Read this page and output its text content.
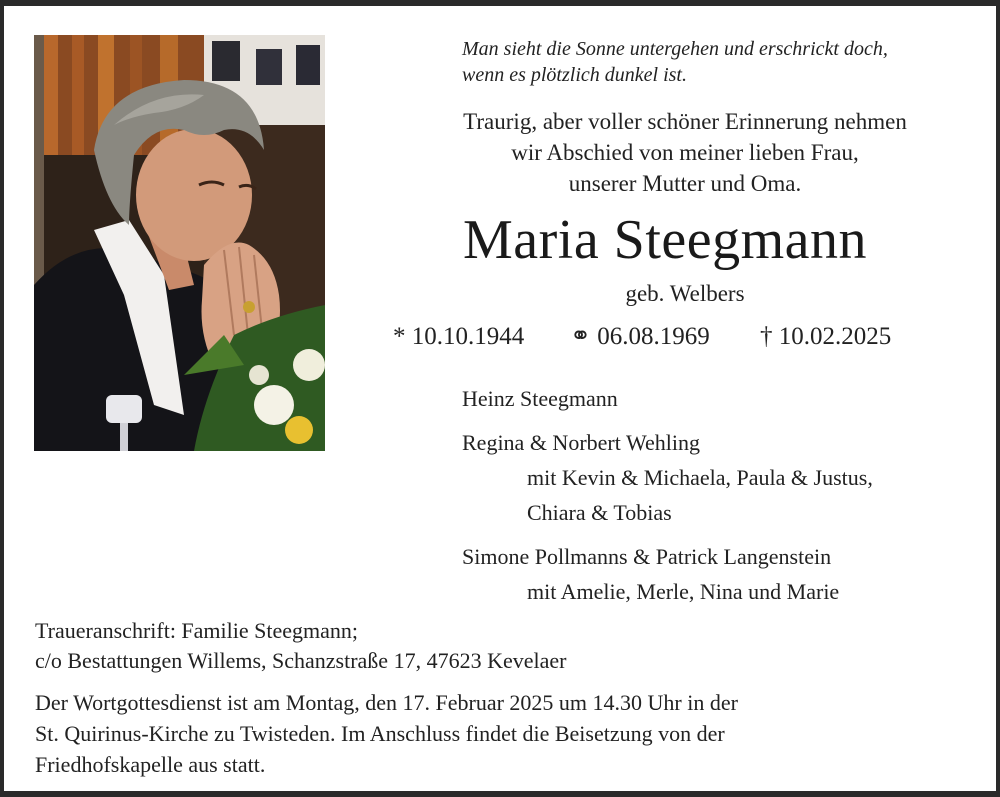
Man sieht die Sonne untergehen und erschrickt doch,
wenn es plötzlich dunkel ist.
Traurig, aber voller schöner Erinnerung nehmen
wir Abschied von meiner lieben Frau,
unserer Mutter und Oma.
Maria Steegmann
geb. Welbers
* 10.10.1944 ⚭ 06.08.1969 † 10.02.2025
Heinz Steegmann
Regina & Norbert Wehling
mit Kevin & Michaela, Paula & Justus,
Chiara & Tobias
Simone Pollmanns & Patrick Langenstein
mit Amelie, Merle, Nina und Marie
Traueranschrift: Familie Steegmann;
c/o Bestattungen Willems, Schanzstraße 17, 47623 Kevelaer
Der Wortgottesdienst ist am Montag, den 17. Februar 2025 um 14.30 Uhr in der
St. Quirinus-Kirche zu Twisteden. Im Anschluss findet die Beisetzung von der
Friedhofskapelle aus statt.
